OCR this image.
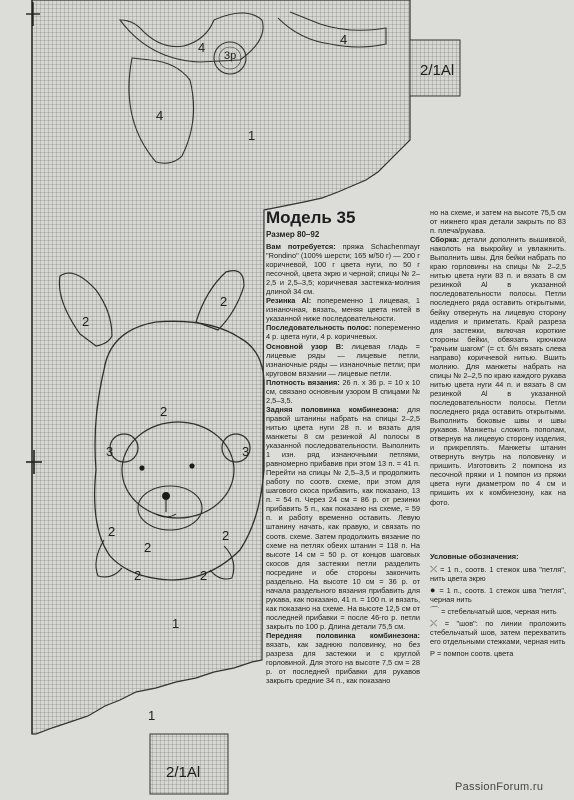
2/1Al
2/1Al
1
2
3
4
4
3р
4
2
2
3
2	2
2
1
1
2	2
Модель 35
Размер 80–92

Вам потребуется: пряжа Schachenmayr "Rondino" (100% шерсти; 165 м/50 г) — 200 г коричневой, 100 г цвета нуги, по 50 г песочной, цвета экрю и черной; спицы № 2–2,5 и 2,5–3,5; коричневая застежка-молния длиной 34 см.

Резинка Al: попеременно 1 лицевая, 1 изнаночная, вязать, меняя цвета нитей в указанной ниже последовательности.

Последовательность полос: попеременно 4 р. цвета нуги, 4 р. коричневых.

Основной узор В: лицевая гладь = лицевые ряды — лицевые петли, изнаночные ряды — изнаночные петли; при круговом вязании — лицевые петли.

Плотность вязания: 26 п. х 36 р. = 10 х 10 см, связано основным узором В спицами № 2,5–3,5.

Задняя половинка комбинезона: для правой штанины набрать на спицы 2–2,5 нитью цвета нуги 28 п. и вязать для манжеты 8 см резинкой Al полосы в указанной последовательности. Выполнить 1 изн. ряд изнаночными петлями, равномерно прибавив при этом 13 п. = 41 п. Перейти на спицы № 2,5–3,5 и продолжить работу по соотв. схеме, при этом для шагового скоса прибавить, как показано, 13 п. = 54 п. Через 24 см = 86 р. от резинки прибавить 5 п., как показано на схеме, = 59 п. и работу временно оставить. Левую штанину начать, как правую, и связать по соотв. схеме. Затем продолжить вязание по схеме на петлях обеих штанин = 118 п. На высоте 14 см = 50 р. от концов шаговых скосов для застежки петли разделить посредине и обе стороны закончить раздельно. На высоте 10 см = 36 р. от начала раздельного вязания прибавить для рукава, как показано, 41 п. = 100 п. и вязать, как показано на схеме. На высоте 12,5 см от последней прибавки = после 46-го р. петли закрыть по 100 р. Длина детали 75,5 см.

Передняя половинка комбинезона: вязать, как заднюю половинку, но без разреза для застежки и с круглой горловиной. Для этого на высоте 7,5 см = 28 р. от последней прибавки для рукавов закрыть средние 34 п., как показано

но на схеме, и затем на высоте 75,5 см от нижнего края детали закрыть по 83 п. плеча/рукава.

Сборка: детали дополнить вышивкой, наколоть на выкройку и увлажнить. Выполнить швы. Для бейки набрать по краю горловины на спицы № 2–2,5 нитью цвета нуги 83 п. и вязать 8 см резинкой Al в указанной последовательности полосы. Петли последнего ряда оставить открытыми, бейку отвернуть на лицевую сторону изделия и приметать. Край разреза для застежки, включая короткие стороны бейки, обвязать крючком "рачьим шагом" (= ст. б/н вязать слева направо) коричневой нитью. Вшить молнию. Для манжеты набрать на спицы № 2–2,5 по краю каждого рукава нитью цвета нуги 44 п. и вязать 8 см резинкой Al в указанной последовательности полосы. Петли последнего ряда оставить открытыми. Выполнить боковые швы и швы рукавов. Манжеты сложить пополам, отвернув на лицевую сторону изделия, и прикреплять. Манжеты штанин отвернуть внутрь на половинку и пришить. Изготовить 2 помпона из песочной пряжи и 1 помпон из пряжи цвета нуги диаметром по 4 см и пришить их к комбинезону, как на фото.

Условные обозначения:

⤫ = 1 п., соотв. 1 стежок шва "петля", нить цвета экрю

● = 1 п., соотв. 1 стежок шва "петля", черная нить

⌒ = стебельчатый шов, черная нить

⤬ = "шов": по линии проложить стебельчатый шов, затем перехватить его отдельными стежками, черная нить

Р = помпон соотв. цвета

PassionForum.ru
